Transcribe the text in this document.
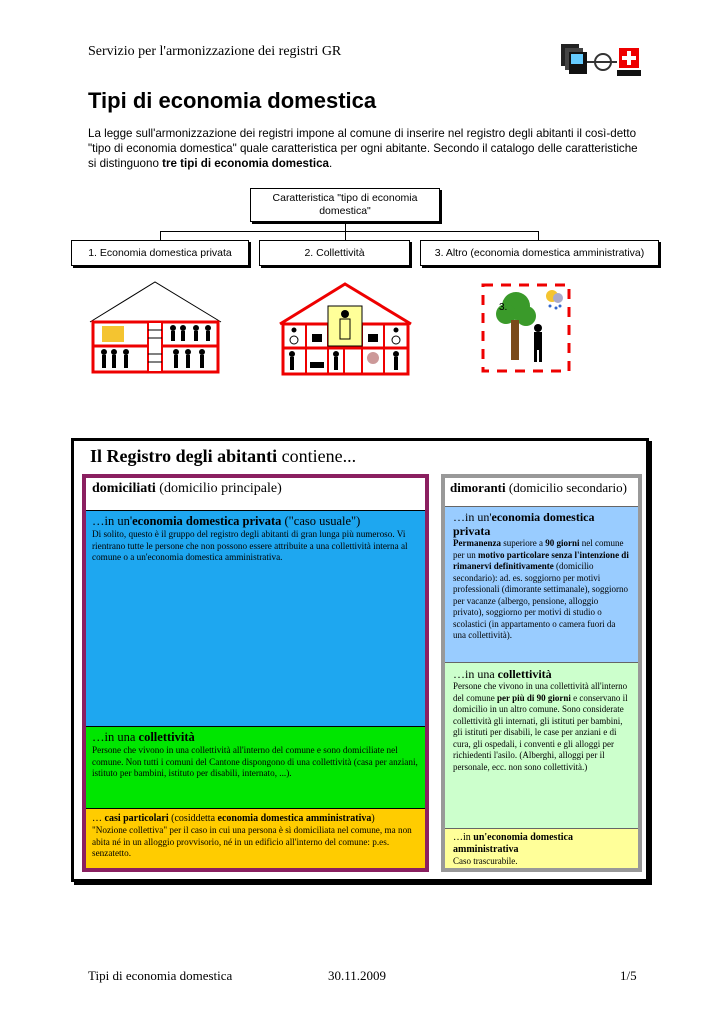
Servizio per l'armonizzazione dei registri GR
Tipi di economia domestica
La legge sull'armonizzazione dei registri impone al comune di inserire nel registro degli abitanti il così-detto "tipo di economia domestica" quale caratteristica per ogni abitante. Secondo il catalogo delle caratteristiche si distinguono tre tipi di economia domestica.
Caratteristica "tipo di economia domestica"
1. Economia domestica privata	2. Collettività	3. Altro (economia domestica amministrativa)
3.
Il Registro degli abitanti contiene...
domiciliati (domicilio principale)
…in un'economia domestica privata ("caso usuale")
Di solito, questo è il gruppo del registro degli abitanti di gran lunga più numeroso. Vi rientrano tutte le persone che non possono essere attribuite a una collettività interna al comune o a un'economia domestica amministrativa.
…in una collettività
Persone che vivono in una collettività all'interno del comune e sono domiciliate nel comune. Non tutti i comuni del Cantone dispongono di una collettività (casa per anziani, istituto per bambini, istituto per disabili, internato, ...).
… casi particolari (cosiddetta economia domestica amministrativa)
"Nozione collettiva" per il caso in cui una persona è sì domiciliata nel comune, ma non abita né in un alloggio provvisorio, né in un edificio all'interno del comune: p.es. senzatetto.
dimoranti (domicilio secondario)
…in un'economia domestica privata
Permanenza superiore a 90 giorni nel comune per un motivo particolare senza l'intenzione di rimanervi definitivamente (domicilio secondario): ad. es. soggiorno per motivi professionali (dimorante settimanale), soggiorno per vacanze (albergo, pensione, alloggio privato), soggiorno per motivi di studio o scolastici (in appartamento o camera fuori da una collettività).
…in una collettività
Persone che vivono in una collettività all'interno del comune per più di 90 giorni e conservano il domicilio in un altro comune. Sono considerate collettività gli internati, gli istituti per bambini, gli istituti per disabili, le case per anziani e di cura, gli ospedali, i conventi e gli alloggi per richiedenti l'asilo. (Alberghi, alloggi per il personale, ecc. non sono collettività.)
…in un'economia domestica amministrativa
Caso trascurabile.
Tipi di economia domestica	30.11.2009	1/5
